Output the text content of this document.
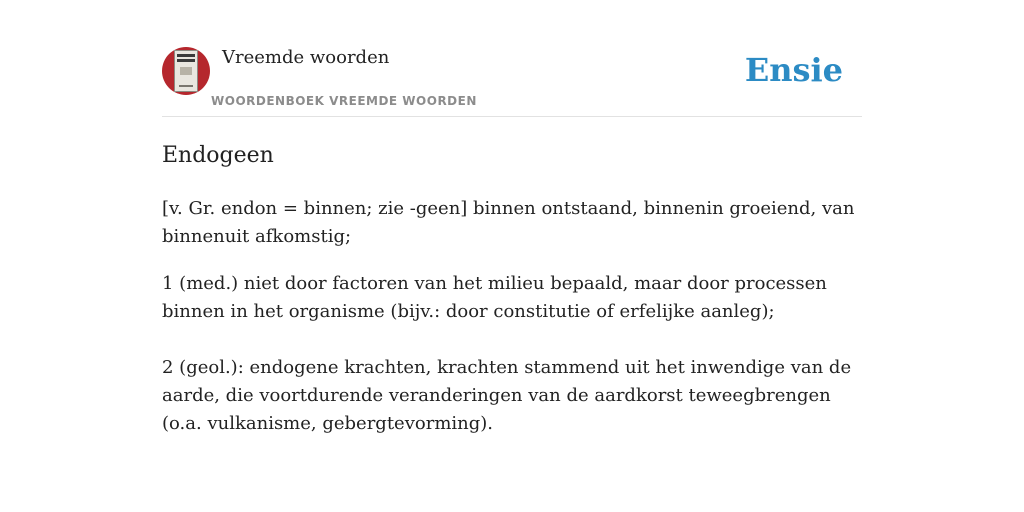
Vreemde woorden
WOORDENBOEK VREEMDE WOORDEN
Ensie
Endogeen

[v. Gr. endon = binnen; zie -geen] binnen ontstaand, binnenin groeiend, van binnenuit afkomstig;

1 (med.) niet door factoren van het milieu bepaald, maar door processen binnen in het organisme (bijv.: door constitutie of erfelijke aanleg);

2 (geol.): endogene krachten, krachten stammend uit het inwendige van de aarde, die voortdurende veranderingen van de aardkorst teweegbrengen (o.a. vulkanisme, gebergtevorming).
